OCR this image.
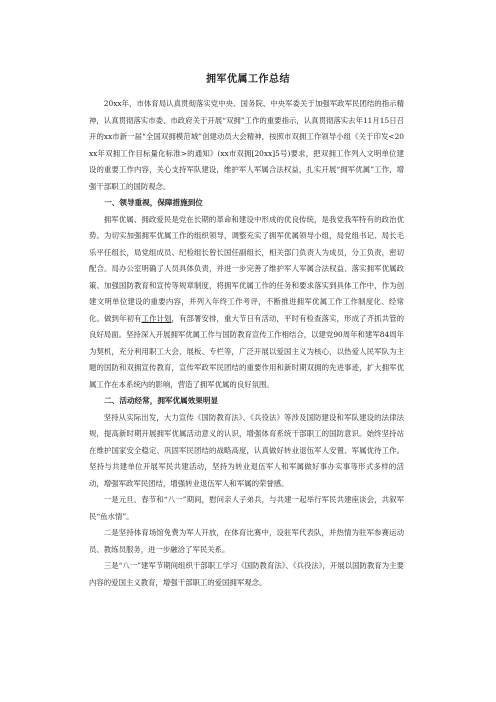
拥军优属工作总结

20xx年，市体育局认真贯彻落实党中央、国务院、中央军委关于加强军政军民团结的指示精神，认真贯彻落实市委、市政府关于开展“双拥”工作的重要指示，认真贯彻落实去年11月15日召开的xx市新一届“全国双拥模范城”创建动员大会精神，按照市双拥工作领导小组《关于印发<20xx年双拥工作目标量化标准>的通知》(xx市双拥[20xx]5号)要求，把双拥工作列入文明单位建设的重要工作内容，关心支持军队建设，维护军人军属合法权益，扎实开展“拥军优属”工作，增强干部职工的国防观念。

一、领导重视，保障措施到位

拥军优属、拥政爱民是党在长期的革命和建设中形成的优良传统，是我党我军特有的政治优势。为切实加强拥军优属工作的组织领导，调整充实了拥军优属领导小组，局党组书记、局长毛乐平任组长，局党组成员、纪检组长曾长国任副组长，相关部门负责人为成员，分工负责，密切配合。局办公室明确了人员具体负责，并进一步完善了维护军人军属合法权益、落实拥军优属政策、加强国防教育和宣传等规章制度，将拥军优属工作的任务和要求落实到具体工作中，作为创建文明单位建设的重要内容，并列入年终工作考评，不断推进拥军优属工作工作制度化、经常化。做到年初有工作计划，有部署安排，重大节日有活动，平时有检查落实，形成了齐抓共管的良好局面。坚持深入开展拥军优属工作与国防教育宣传工作相结合，以建党90周年和建军84周年为契机，充分利用职工大会、展板、专栏等，广泛开展以爱国主义为核心，以热爱人民军队为主题的国防和双拥宣传教育，宣传军政军民团结的重要作用和新时期双拥的先进事迹，扩大拥军优属工作在本系统内的影响，营造了拥军优属的良好氛围。

二、活动经常，拥军优属效果明显

坚持从实际出发，大力宣传《国防教育法》、《兵役法》等涉及国防建设和军队建设的法律法规，提高新时期开展拥军优属活动意义的认识，增强体育系统干部职工的国防意识。始终坚持站在维护国家安全稳定、巩固军民团结的战略高度，认真做好转业退伍军人安置、军属优待工作。坚持与共建单位开展军民共建活动，坚持为转业退伍军人和军属做好事办实事等形式多样的活动，增强军政军民团结，增强转业退伍军人和军属的荣誉感。

一是元旦、春节和“八一”期间，慰问亲人子弟兵，与共建一起举行军民共建座谈会，共叙军民“鱼水情”。

二是坚持体育场馆免费为军人开放，在体育比赛中，设驻军代表队，并热情为驻军参赛运动员、教练员服务，进一步融洽了军民关系。

三是“八一”建军节期间组织干部职工学习《国防教育法》、《兵役法》，开展以国防教育为主要内容的爱国主义教育，增强干部职工的爱国拥军观念。
